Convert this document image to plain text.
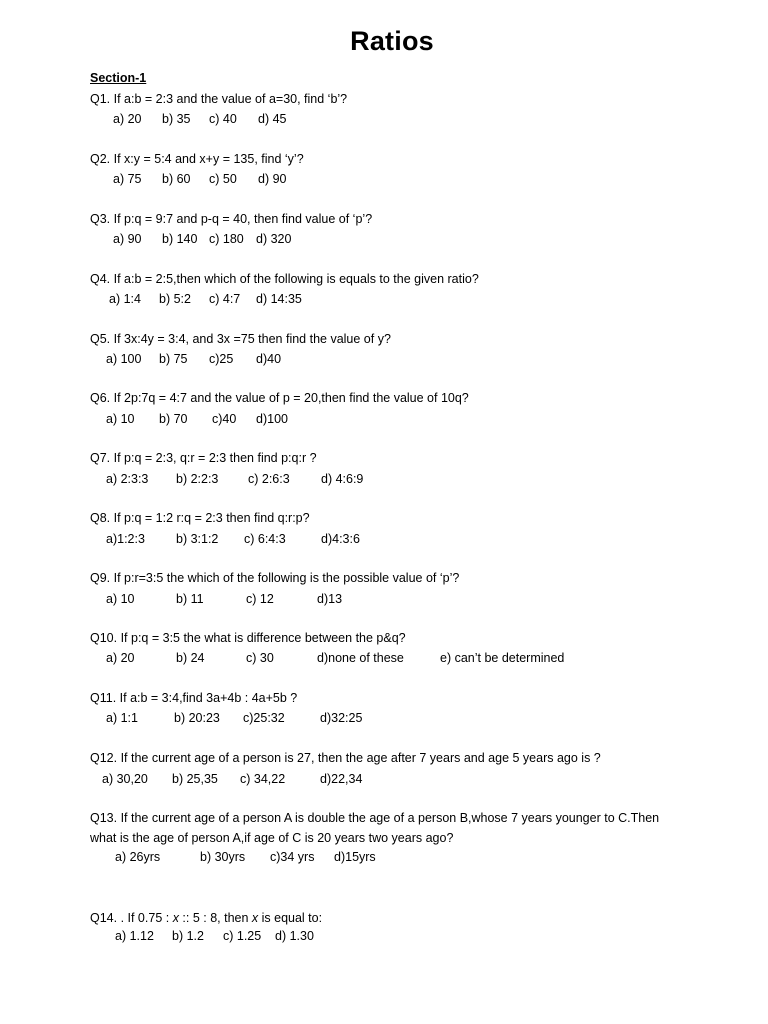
Ratios
Section-1
Q1. If a:b = 2:3 and the value of a=30, find ‘b’?
a) 20 b) 35 c) 40 d) 45
Q2. If x:y = 5:4 and x+y = 135, find ‘y’?
a) 75 b) 60 c) 50 d) 90
Q3. If p:q = 9:7 and p-q = 40, then find value of ‘p’?
a) 90 b) 140 c) 180 d) 320
Q4. If a:b = 2:5,then which of the following is equals to the given ratio?
a) 1:4 b) 5:2 c) 4:7 d) 14:35
Q5. If 3x:4y = 3:4, and 3x =75 then find the value of y?
a) 100 b) 75 c)25 d)40
Q6. If 2p:7q = 4:7 and the value of p = 20,then find the value of 10q?
a) 10 b) 70 c)40 d)100
Q7. If p:q = 2:3, q:r = 2:3 then find p:q:r ?
a) 2:3:3 b) 2:2:3 c) 2:6:3	d) 4:6:9
Q8. If p:q = 1:2 r:q = 2:3 then find q:r:p?
a)1:2:3 b) 3:1:2 c) 6:4:3	d)4:3:6
Q9. If p:r=3:5 the which of the following is the possible value of ‘p’?
a) 10	b) 11	c) 12	d)13
Q10. If p:q = 3:5 the what is difference between the p&q?
a) 20	b) 24	c) 30	d)none of these	e) can’t be determined
Q11. If a:b = 3:4,find 3a+4b : 4a+5b ?
a) 1:1	b) 20:23 c)25:32	d)32:25
Q12. If the current age of a person is 27, then the age after 7 years and age 5 years ago is ?
a) 30,20 b) 25,35 c) 34,22	d)22,34
Q13. If the current age of a person A is double the age of a person B,whose 7 years younger to C.Then
what is the age of person A,if age of C is 20 years two years ago?
a) 26yrs	b) 30yrs c)34 yrs d)15yrs
Q14. . If 0.75 : x :: 5 : 8, then x is equal to:
a) 1.12 b) 1.2 c) 1.25 d) 1.30
